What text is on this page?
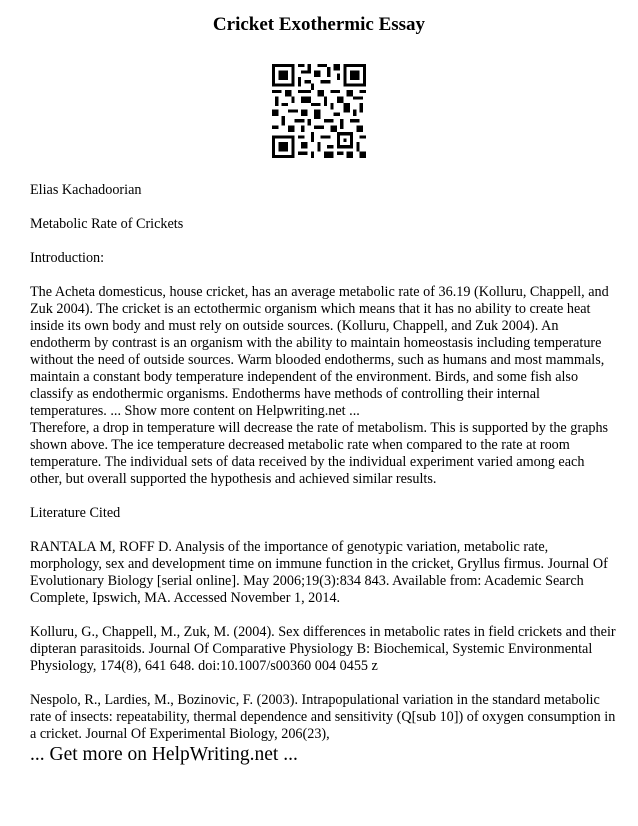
Cricket Exothermic Essay

Elias Kachadoorian

Metabolic Rate of Crickets

Introduction:

The Acheta domesticus, house cricket, has an average metabolic rate of 36.19 (Kolluru, Chappell, and Zuk 2004). The cricket is an ectothermic organism which means that it has no ability to create heat inside its own body and must rely on outside sources. (Kolluru, Chappell, and Zuk 2004). An endotherm by contrast is an organism with the ability to maintain homeostasis including temperature without the need of outside sources. Warm blooded endotherms, such as humans and most mammals, maintain a constant body temperature independent of the environment. Birds, and some fish also classify as endothermic organisms. Endotherms have methods of controlling their internal temperatures. ... Show more content on Helpwriting.net ...

Therefore, a drop in temperature will decrease the rate of metabolism. This is supported by the graphs shown above. The ice temperature decreased metabolic rate when compared to the rate at room temperature. The individual sets of data received by the individual experiment varied among each other, but overall supported the hypothesis and achieved similar results.

Literature Cited

RANTALA M, ROFF D. Analysis of the importance of genotypic variation, metabolic rate, morphology, sex and development time on immune function in the cricket, Gryllus firmus. Journal Of Evolutionary Biology [serial online]. May 2006;19(3):834 843. Available from: Academic Search Complete, Ipswich, MA. Accessed November 1, 2014.

Kolluru, G., Chappell, M., Zuk, M. (2004). Sex differences in metabolic rates in field crickets and their dipteran parasitoids. Journal Of Comparative Physiology B: Biochemical, Systemic Environmental Physiology, 174(8), 641 648. doi:10.1007/s00360 004 0455 z

Nespolo, R., Lardies, M., Bozinovic, F. (2003). Intrapopulational variation in the standard metabolic rate of insects: repeatability, thermal dependence and sensitivity (Q[sub 10]) of oxygen consumption in a cricket. Journal Of Experimental Biology, 206(23),

... Get more on HelpWriting.net ...
